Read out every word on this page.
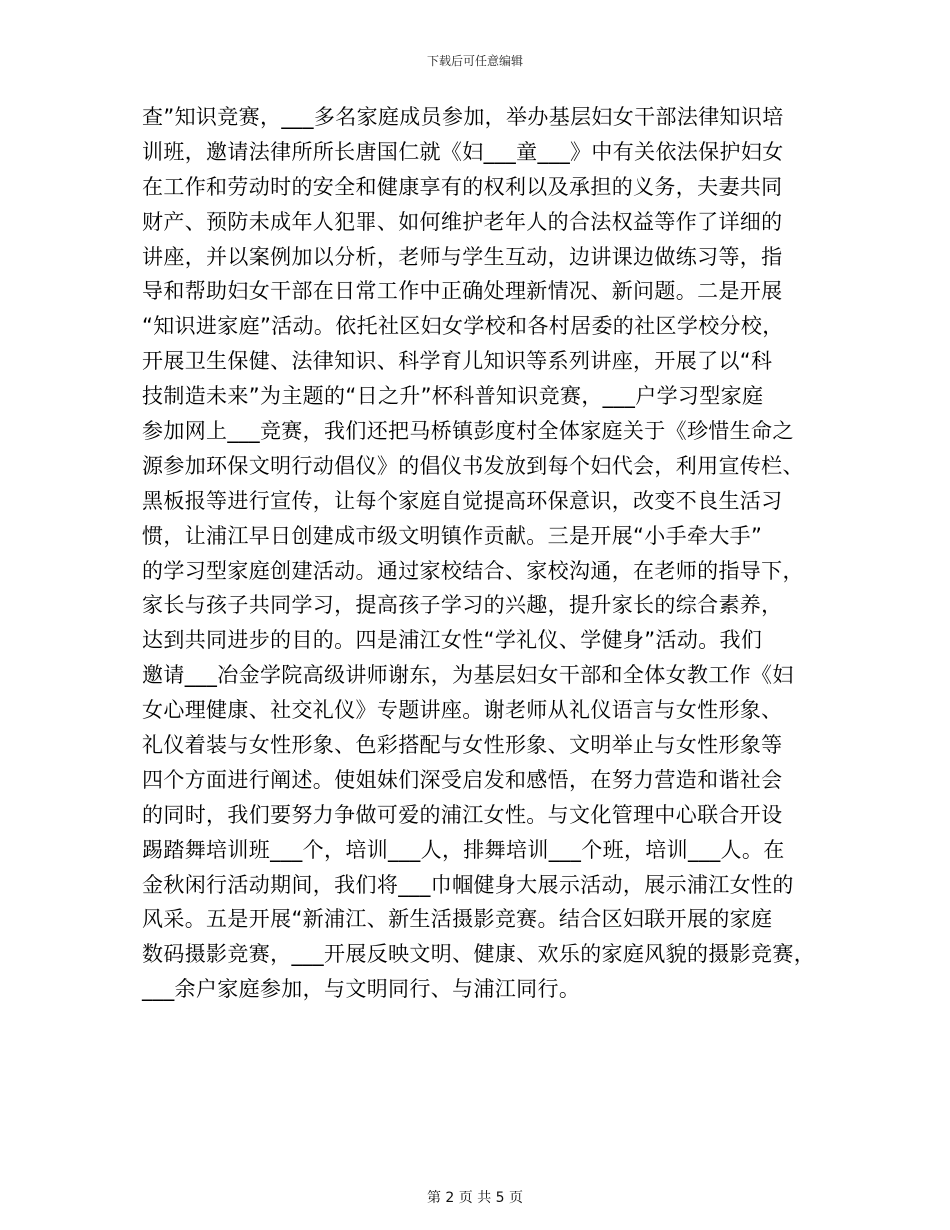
下载后可任意编辑
查”知识竞赛，___多名家庭成员参加，举办基层妇女干部法律知识培
训班，邀请法律所所长唐国仁就《妇___童___》中有关依法保护妇女
在工作和劳动时的安全和健康享有的权利以及承担的义务，夫妻共同
财产、预防未成年人犯罪、如何维护老年人的合法权益等作了详细的
讲座，并以案例加以分析，老师与学生互动，边讲课边做练习等，指
导和帮助妇女干部在日常工作中正确处理新情况、新问题。二是开展
“知识进家庭”活动。依托社区妇女学校和各村居委的社区学校分校，
开展卫生保健、法律知识、科学育儿知识等系列讲座，开展了以“科
技制造未来”为主题的“日之升”杯科普知识竞赛，___户学习型家庭
参加网上___竞赛，我们还把马桥镇彭度村全体家庭关于《珍惜生命之
源参加环保文明行动倡仪》的倡仪书发放到每个妇代会，利用宣传栏、
黑板报等进行宣传，让每个家庭自觉提高环保意识，改变不良生活习
惯，让浦江早日创建成市级文明镇作贡献。三是开展“小手牵大手”
的学习型家庭创建活动。通过家校结合、家校沟通，在老师的指导下，
家长与孩子共同学习，提高孩子学习的兴趣，提升家长的综合素养，
达到共同进步的目的。四是浦江女性“学礼仪、学健身”活动。我们
邀请___冶金学院高级讲师谢东，为基层妇女干部和全体女教工作《妇
女心理健康、社交礼仪》专题讲座。谢老师从礼仪语言与女性形象、
礼仪着装与女性形象、色彩搭配与女性形象、文明举止与女性形象等
四个方面进行阐述。使姐妹们深受启发和感悟，在努力营造和谐社会
的同时，我们要努力争做可爱的浦江女性。与文化管理中心联合开设
踢踏舞培训班___个，培训___人，排舞培训___个班，培训___人。在
金秋闲行活动期间，我们将___巾帼健身大展示活动，展示浦江女性的
风采。五是开展“新浦江、新生活摄影竞赛。结合区妇联开展的家庭
数码摄影竞赛，___开展反映文明、健康、欢乐的家庭风貌的摄影竞赛，
___余户家庭参加，与文明同行、与浦江同行。
第 2 页 共 5 页
